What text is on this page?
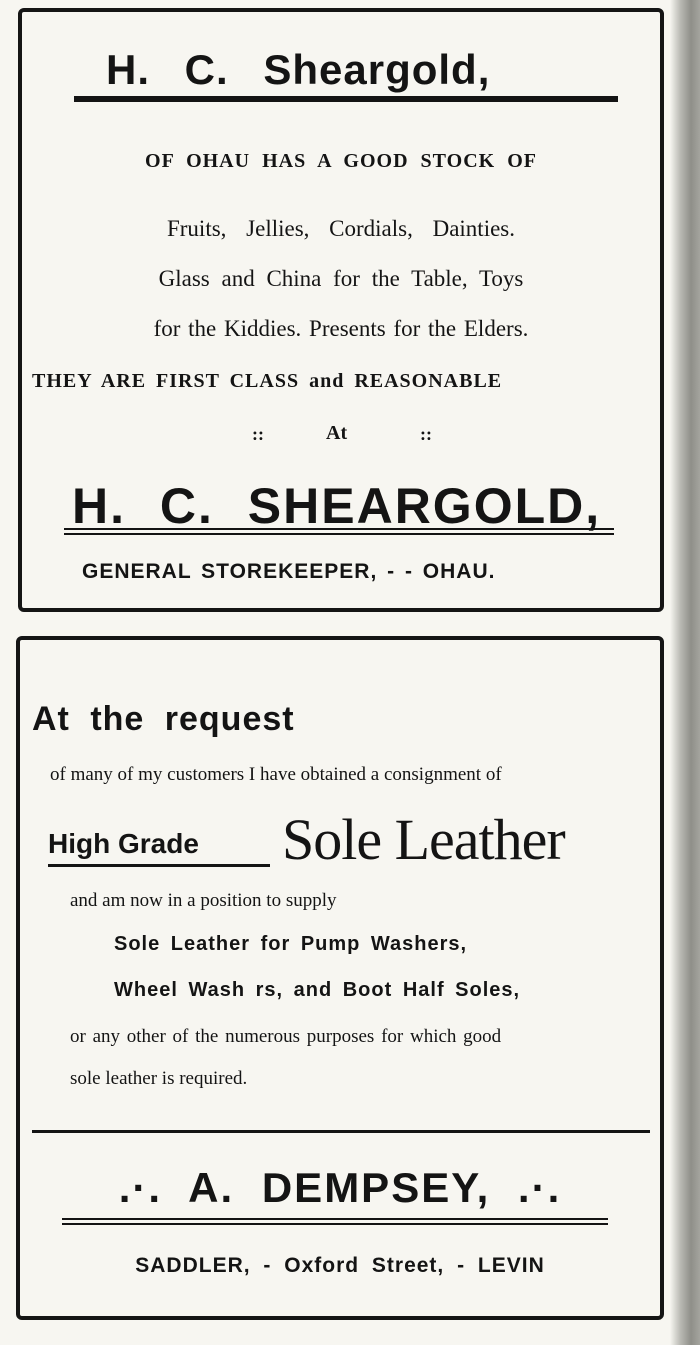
H. C. Sheargold,

OF OHAU HAS A GOOD STOCK OF

Fruits, Jellies, Cordials, Dainties.

Glass and China for the Table, Toys

for the Kiddies. Presents for the Elders.

THEY ARE FIRST CLASS and REASONABLE

::	At	::

H. C. SHEARGOLD,

GENERAL STOREKEEPER, - - OHAU.

At the request

of many of my customers I have obtained a consignment of

High Grade Sole Leather

and am now in a position to supply

Sole Leather for Pump Washers,

Wheel Wash rs, and Boot Half Soles,

or any other of the numerous purposes for which good

sole leather is required.

.·. A. DEMPSEY, .·.

SADDLER, - Oxford Street, - LEVIN
